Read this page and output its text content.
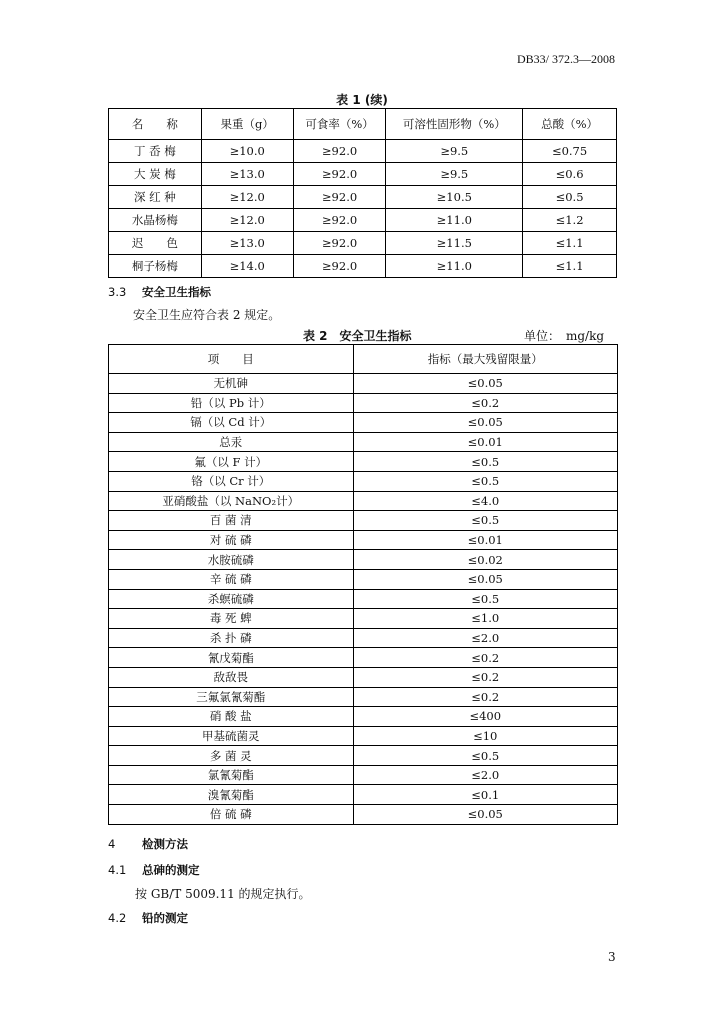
DB33/ 372.3—2008
表 1 (续)
名　　称	果重（g）	可食率（%）	可溶性固形物（%）	总酸（%）
丁 岙 梅	≥10.0	≥92.0	≥9.5	≤0.75
大 炭 梅	≥13.0	≥92.0	≥9.5	≤0.6
深 红 种	≥12.0	≥92.0	≥10.5	≤0.5
水晶杨梅	≥12.0	≥92.0	≥11.0	≤1.2
迟　　色	≥13.0	≥92.0	≥11.5	≤1.1
桐子杨梅	≥14.0	≥92.0	≥11.0	≤1.1
3.3 安全卫生指标
安全卫生应符合表 2 规定。
表 2　安全卫生指标	单位：　mg/kg
项　　目	指标（最大残留限量）
无机砷	≤0.05
铅（以 Pb 计）	≤0.2
镉（以 Cd 计）	≤0.05
总汞	≤0.01
氟（以 F 计）	≤0.5
铬（以 Cr 计）	≤0.5
亚硝酸盐（以 NaNO₂计）	≤4.0
百 菌 清	≤0.5
对 硫 磷	≤0.01
水胺硫磷	≤0.02
辛 硫 磷	≤0.05
杀螟硫磷	≤0.5
毒 死 蜱	≤1.0
杀 扑 磷	≤2.0
氰戊菊酯	≤0.2
敌敌畏	≤0.2
三氟氯氰菊酯	≤0.2
硝 酸 盐	≤400
甲基硫菌灵	≤10
多 菌 灵	≤0.5
氯氰菊酯	≤2.0
溴氰菊酯	≤0.1
倍 硫 磷	≤0.05
4 检测方法
4.1 总砷的测定
按 GB/T 5009.11 的规定执行。
4.2 铅的测定
3
